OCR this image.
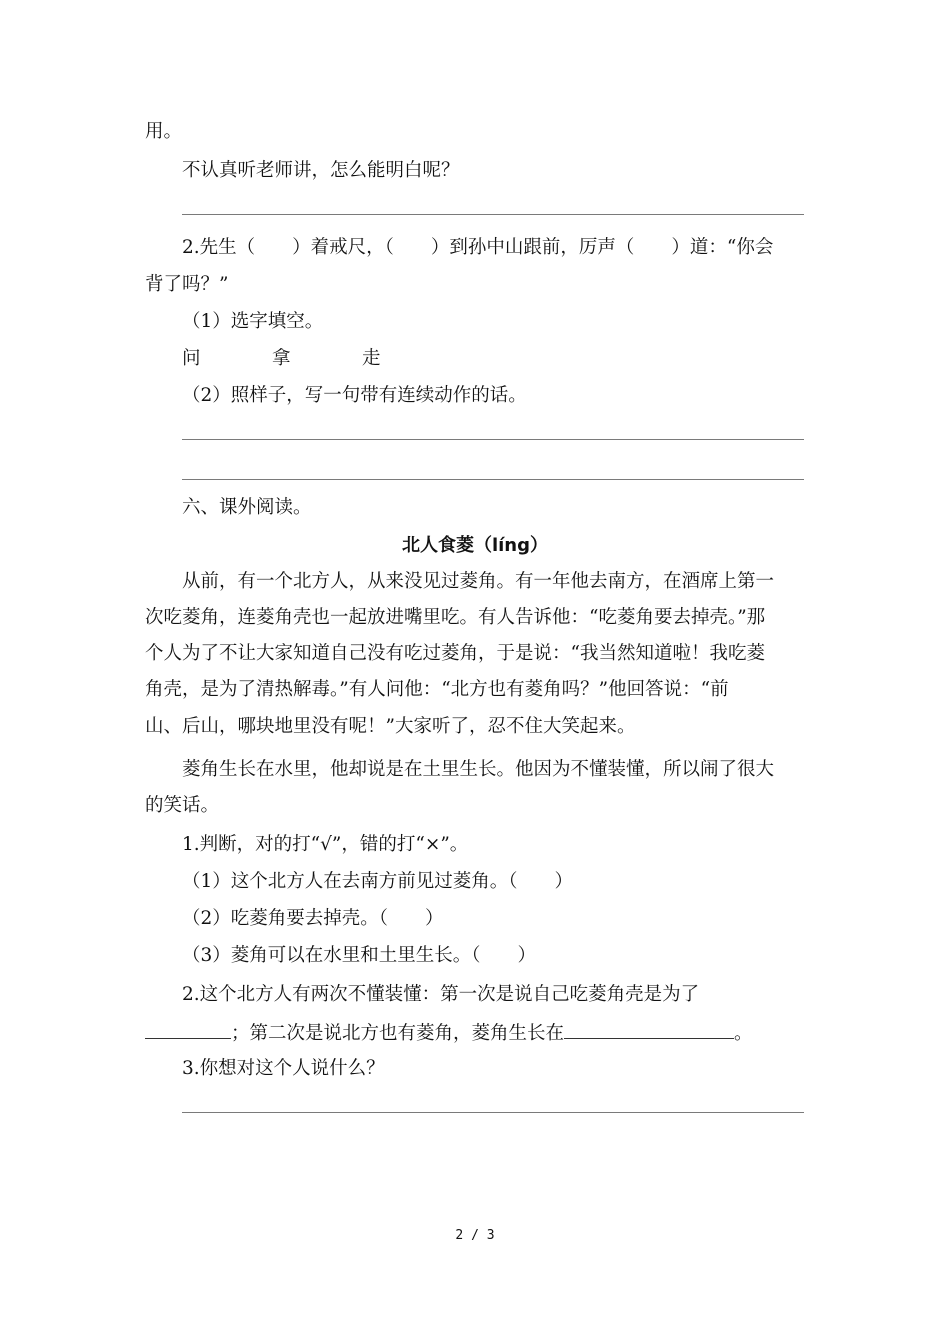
用。
不认真听老师讲，怎么能明白呢？
2.先生（　　）着戒尺，（　　）到孙中山跟前，厉声（　　）道：“你会
背了吗？”
（1）选字填空。
问	拿	走
（2）照样子，写一句带有连续动作的话。
六、课外阅读。
北人食菱（líng）
从前，有一个北方人，从来没见过菱角。有一年他去南方，在酒席上第一
次吃菱角，连菱角壳也一起放进嘴里吃。有人告诉他：“吃菱角要去掉壳。”那
个人为了不让大家知道自己没有吃过菱角，于是说：“我当然知道啦！我吃菱
角壳，是为了清热解毒。”有人问他：“北方也有菱角吗？”他回答说：“前
山、后山，哪块地里没有呢！”大家听了，忍不住大笑起来。
菱角生长在水里，他却说是在土里生长。他因为不懂装懂，所以闹了很大
的笑话。
1.判断，对的打“√”，错的打“×”。
（1）这个北方人在去南方前见过菱角。（　　）
（2）吃菱角要去掉壳。（　　）
（3）菱角可以在水里和土里生长。（　　）
2.这个北方人有两次不懂装懂：第一次是说自己吃菱角壳是为了
；第二次是说北方也有菱角，菱角生长在	。
3.你想对这个人说什么？
2 / 3
